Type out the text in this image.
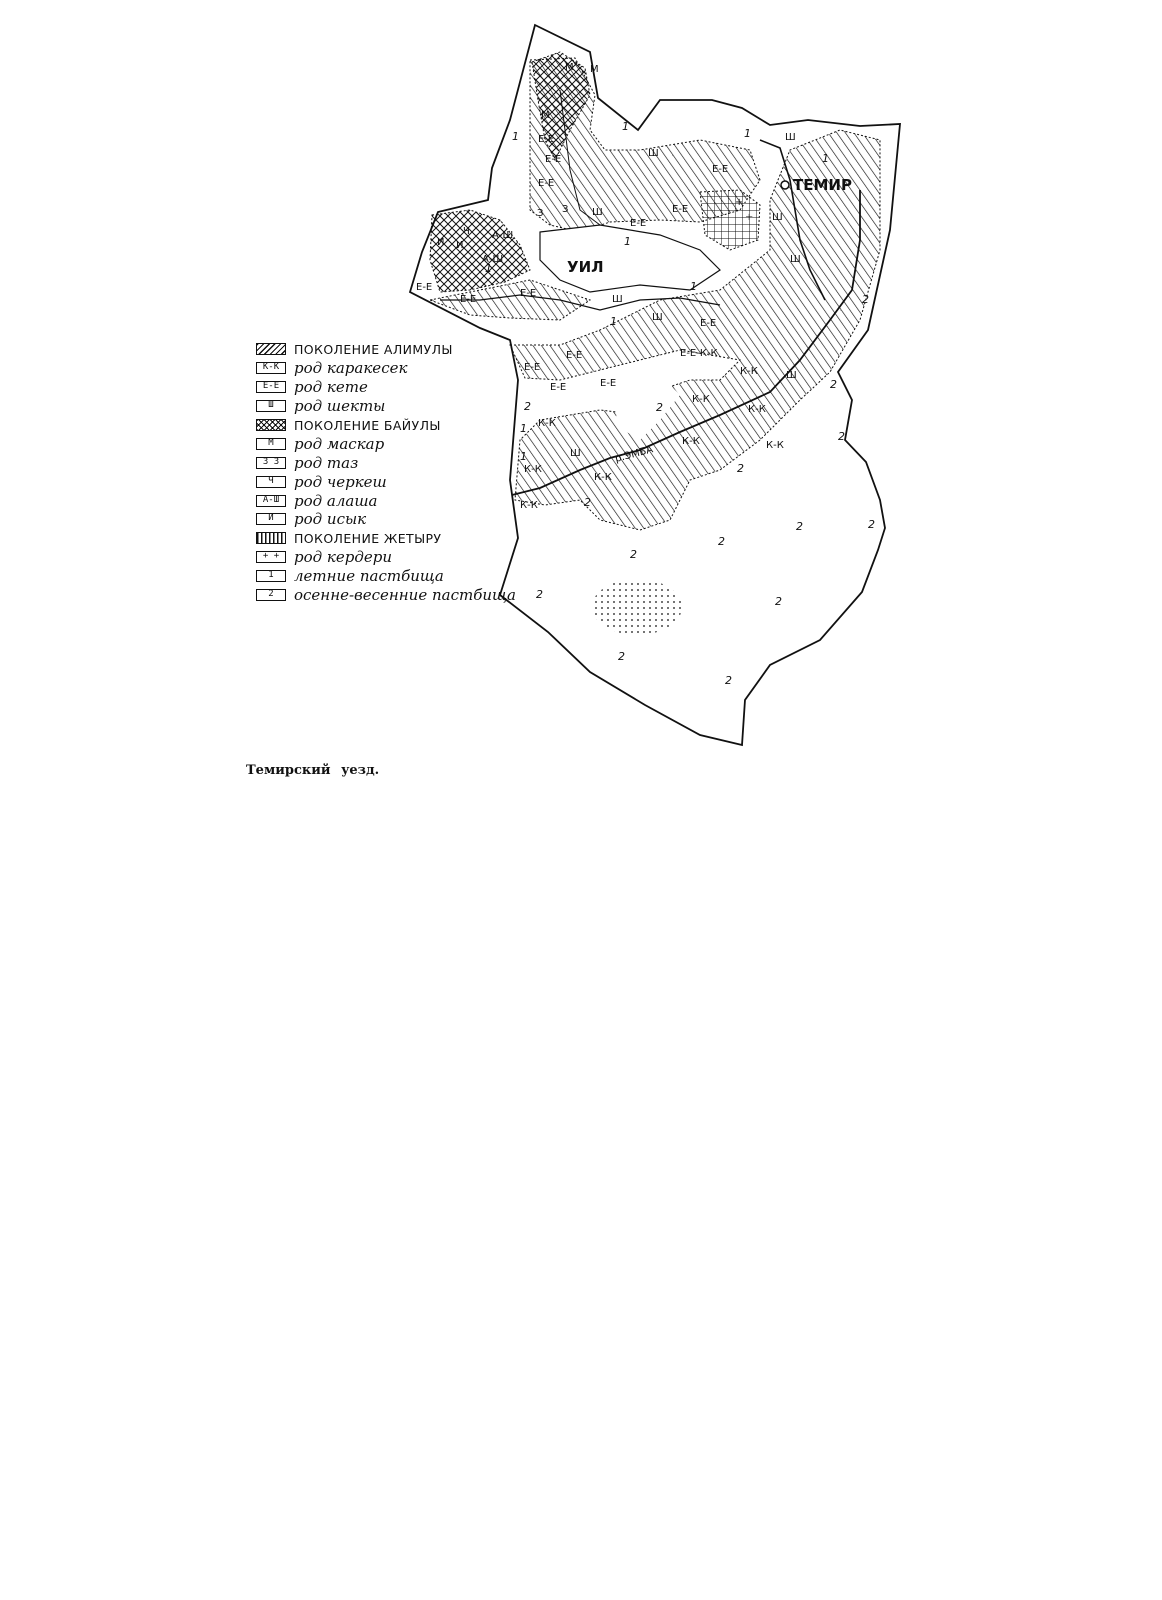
ТЕМИР
УИЛ
р.ЭМБА
М М
М
Е-Е
Е-Е
Е-Е
Е-Е
Е-Е
Е-Е
А-Ш
А-Ш
И И
Ч
З З
Е-Е
Е-Е
Е-Е
Ш
Ш
Ш
Ш
Ш
Е-Е
Е-Е-К-К
К-К
К-К
К-К
К-К	К-К
К-К
К-К
К-К
К-К
Е-Е
Е-Е
Е-Е	Е-Е
Ш
Ш
Ш
Ш
+
+
1
1
1
1
1
1
1
1
1
1
2
2
2
2
2
2
2
2
2	2
2
2
2
2
2
ПОКОЛЕНИЕ АЛИМУЛЫ
К-К род каракесек
Е-Е род кете
Ш	род шекты
ПОКОЛЕНИЕ БАЙУЛЫ
М	род маскар
З З род таз
Ч	род черкеш
А-Ш род алаша
И	род исык
ПОКОЛЕНИЕ ЖЕТЫРУ
+ + род кердери
1	летние пастбища
2	осенне-весенние пастбища
Темирский уезд.
